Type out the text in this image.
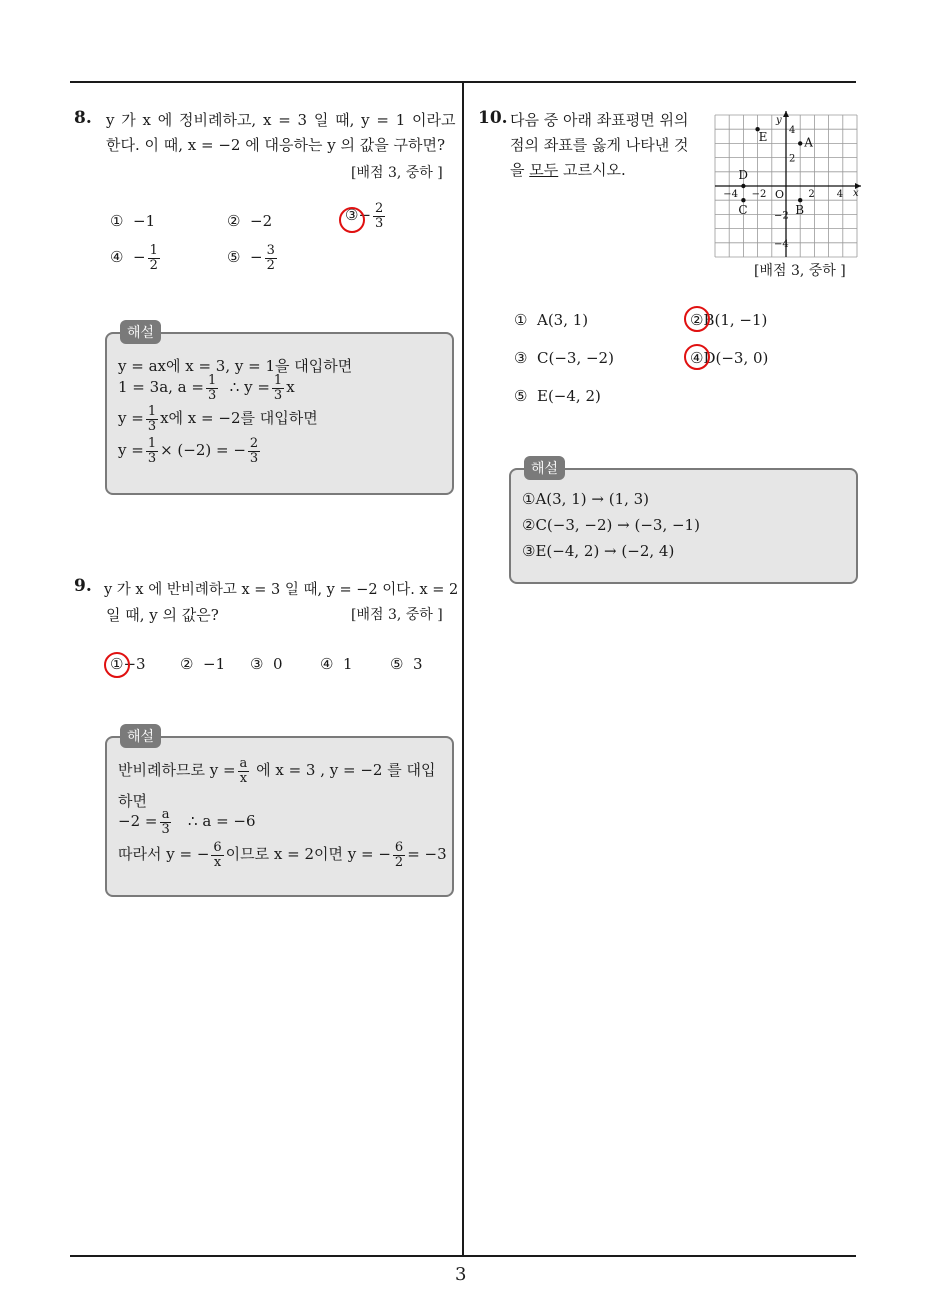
3
8. y 가 x 에 정비례하고, x = 3 일 때, y = 1 이라고
한다. 이 때, x = −2 에 대응하는 y 의 값을 구하면?
[배점 3, 중하 ]
① −1	② −2	③− $\frac{2}{3}$
④ − $\frac{1}{2}$	⑤ − $\frac{3}{2}$
해설
y = ax에 x = 3, y = 1을 대입하면
1 = 3a, $a = \frac{1}{3}$ ∴ $y = \frac{1}{3}$ x
$y = \frac{1}{3}$ x에 x = −2를 대입하면
$y = \frac{1}{3} \times (-2)$ = − $\frac{2}{3}$
9. y 가 x 에 반비례하고 x = 3 일 때, y = −2 이다. x = 2
일 때, y 의 값은?	[배점 3, 중하 ]
①−3 ② −1 ③ 0 ④ 1 ⑤ 3
해설
반비례하므로 $y = \frac{a}{x}$ 에 x = 3 , y = −2 를 대입
하면
$-2 = \frac{a}{3}$ ∴ a = −6
따라서 y = − $\frac{6}{x}$ 이므로 x = 2이면 y = − $\frac{6}{2} = -3$
10. 다음 중 아래 좌표평면 위의
점의 좌표를 옳게 나타낸 것
을 모두 고르시오.
x
y
O
−4 −2	2 4
4
2
−2
−4
A
B
C
D
E
[배점 3, 중하 ]
① A(3, 1)	②B(1, −1)
③ C(−3, −2)	④D(−3, 0)
⑤ E(−4, 2)
해설
①A(3, 1) → (1, 3)
②C(−3, −2) → (−3, −1)
③E(−4, 2) → (−2, 4)
